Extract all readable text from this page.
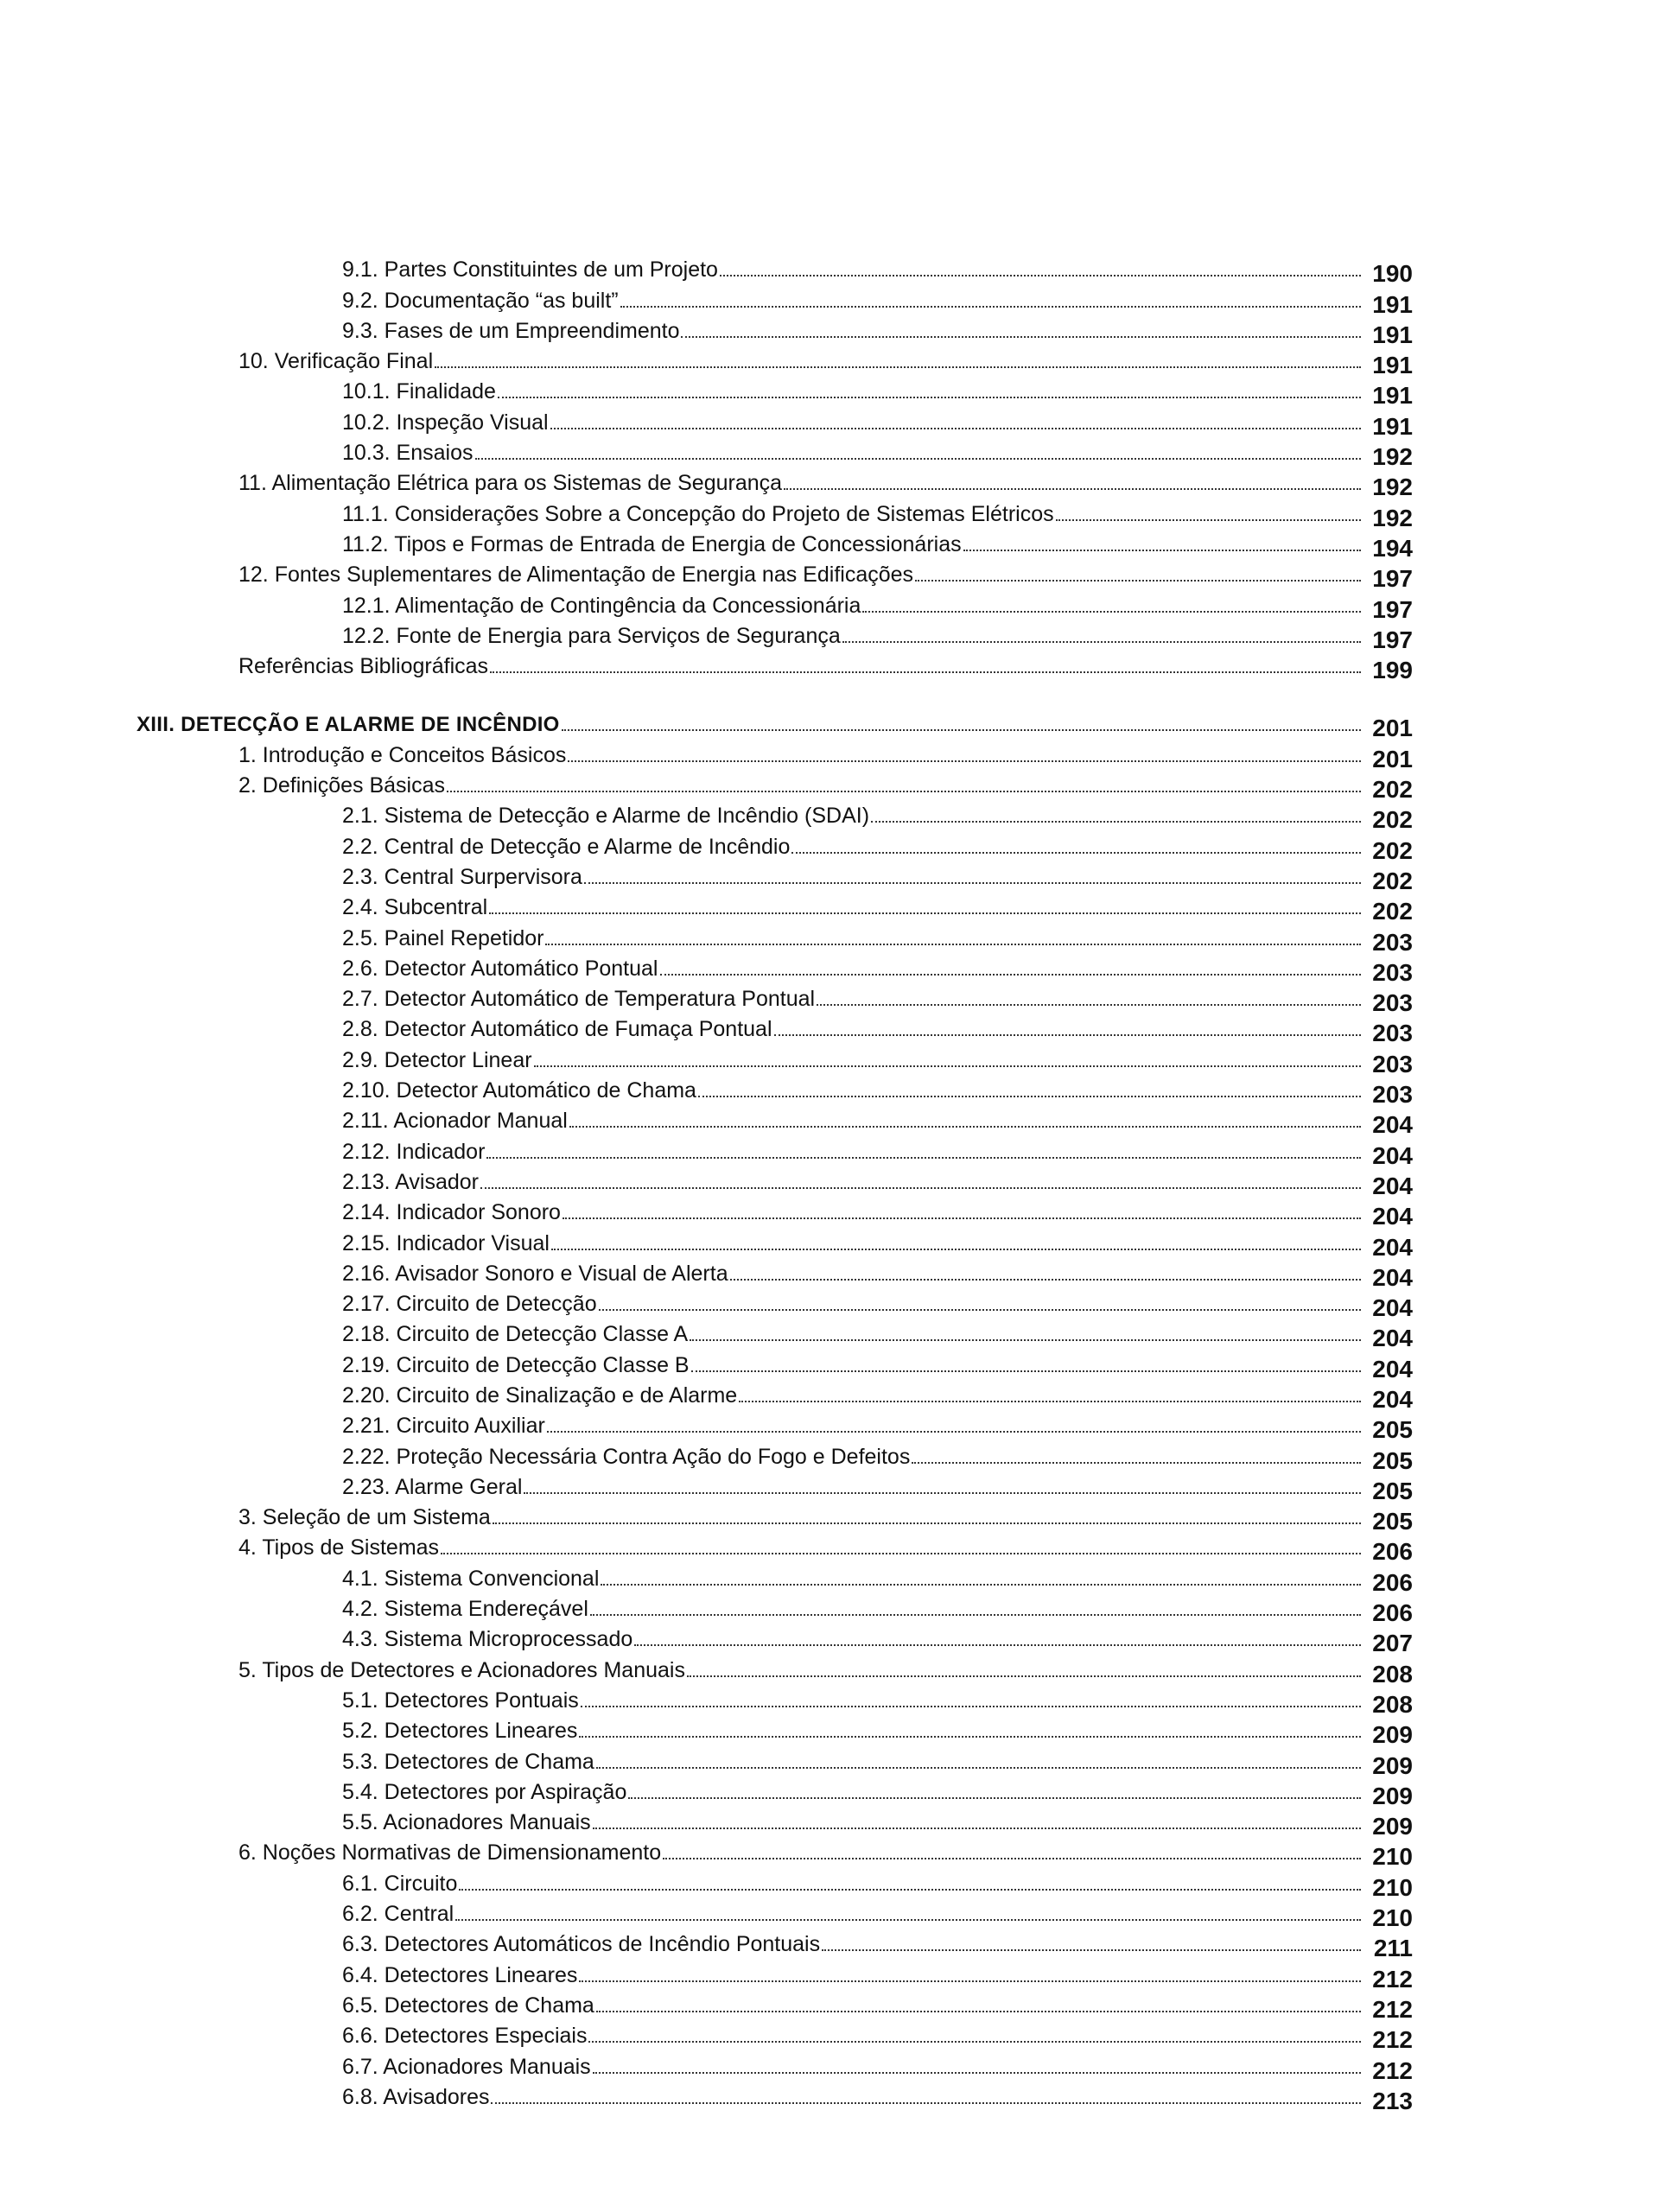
9.1. Partes Constituintes de um Projeto	190
9.2. Documentação “as built”	191
9.3. Fases de um Empreendimento	191
10. Verificação Final	191
10.1. Finalidade	191
10.2. Inspeção Visual	191
10.3. Ensaios	192
11. Alimentação Elétrica para os Sistemas de Segurança	192
11.1. Considerações Sobre a Concepção do Projeto de Sistemas Elétricos	192
11.2. Tipos e Formas de Entrada de Energia de Concessionárias	194
12. Fontes Suplementares de Alimentação de Energia nas Edificações	197
12.1. Alimentação de Contingência da Concessionária	197
12.2. Fonte de Energia para Serviços de Segurança	197
Referências Bibliográficas	199
XIII. DETECÇÃO E ALARME DE INCÊNDIO	201
1. Introdução e Conceitos Básicos	201
2. Definições Básicas	202
2.1. Sistema de Detecção e Alarme de Incêndio (SDAI)	202
2.2. Central de Detecção e Alarme de Incêndio	202
2.3. Central Surpervisora	202
2.4. Subcentral	202
2.5. Painel Repetidor	203
2.6. Detector Automático Pontual	203
2.7. Detector Automático de Temperatura Pontual	203
2.8. Detector Automático de Fumaça Pontual	203
2.9. Detector Linear	203
2.10. Detector Automático de Chama	203
2.11. Acionador Manual	204
2.12. Indicador	204
2.13. Avisador	204
2.14. Indicador Sonoro	204
2.15. Indicador Visual	204
2.16. Avisador Sonoro e Visual de Alerta	204
2.17. Circuito de Detecção	204
2.18. Circuito de Detecção Classe A	204
2.19. Circuito de Detecção Classe B	204
2.20. Circuito de Sinalização e de Alarme	204
2.21. Circuito Auxiliar	205
2.22. Proteção Necessária Contra Ação do Fogo e Defeitos	205
2.23. Alarme Geral	205
3. Seleção de um Sistema	205
4. Tipos de Sistemas	206
4.1. Sistema Convencional	206
4.2. Sistema Endereçável	206
4.3. Sistema Microprocessado	207
5. Tipos de Detectores e Acionadores Manuais	208
5.1. Detectores Pontuais	208
5.2. Detectores Lineares	209
5.3. Detectores de Chama	209
5.4. Detectores por Aspiração	209
5.5. Acionadores Manuais	209
6. Noções Normativas de Dimensionamento	210
6.1. Circuito	210
6.2. Central	210
6.3. Detectores Automáticos de Incêndio Pontuais	211
6.4. Detectores Lineares	212
6.5. Detectores de Chama	212
6.6. Detectores Especiais	212
6.7. Acionadores Manuais	212
6.8. Avisadores	213
